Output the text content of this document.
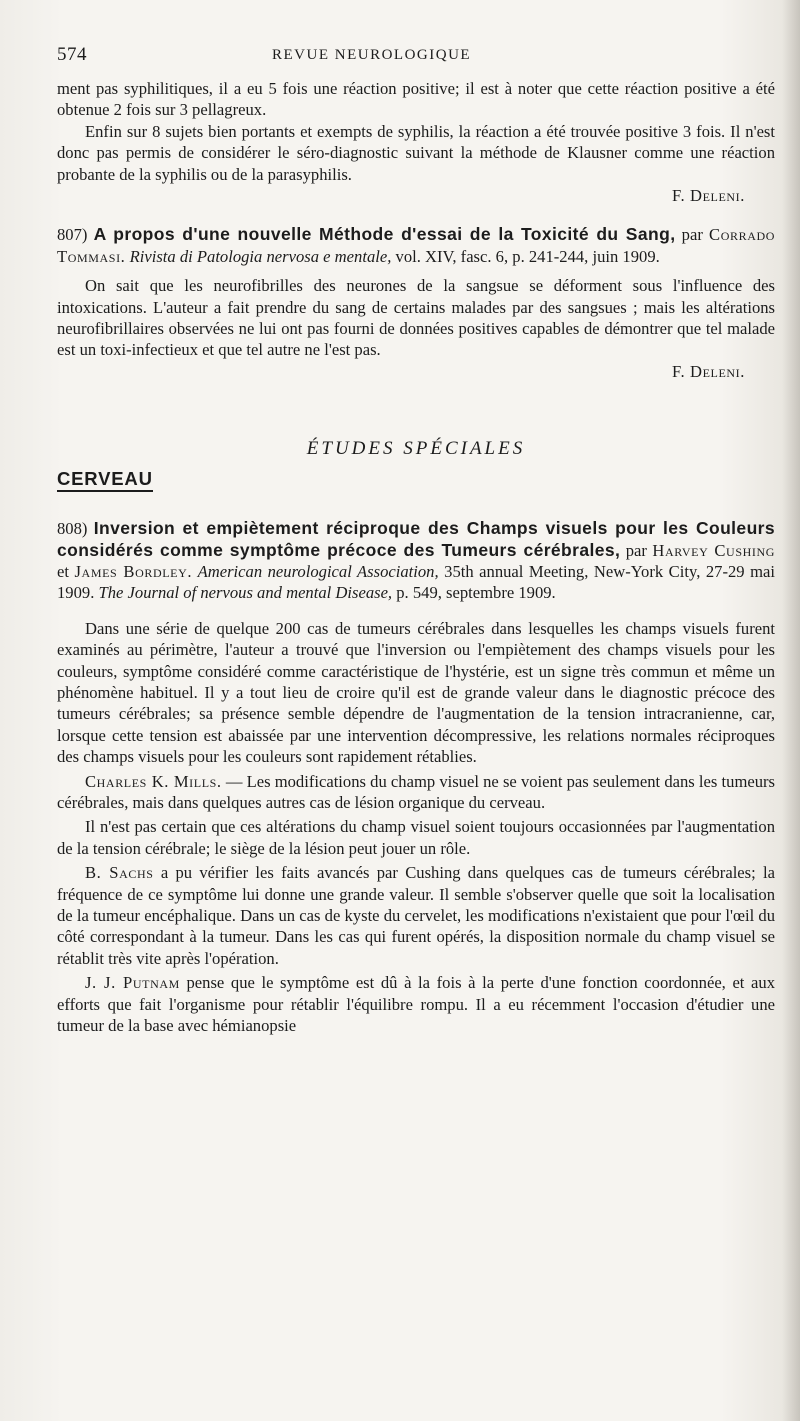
574	REVUE NEUROLOGIQUE

ment pas syphilitiques, il a eu 5 fois une réaction positive; il est à noter que cette réaction positive a été obtenue 2 fois sur 3 pellagreux.

Enfin sur 8 sujets bien portants et exempts de syphilis, la réaction a été trouvée positive 3 fois. Il n'est donc pas permis de considérer le séro-diagnostic suivant la méthode de Klausner comme une réaction probante de la syphilis ou de la parasyphilis.

F. Deleni.

807) A propos d'une nouvelle Méthode d'essai de la Toxicité du Sang, par Corrado Tommasi. Rivista di Patologia nervosa e mentale, vol. XIV, fasc. 6, p. 241-244, juin 1909.

On sait que les neurofibrilles des neurones de la sangsue se déforment sous l'influence des intoxications. L'auteur a fait prendre du sang de certains malades par des sangsues ; mais les altérations neurofibrillaires observées ne lui ont pas fourni de données positives capables de démontrer que tel malade est un toxi-infectieux et que tel autre ne l'est pas.

F. Deleni.

ÉTUDES SPÉCIALES

CERVEAU

808) Inversion et empiètement réciproque des Champs visuels pour les Couleurs considérés comme symptôme précoce des Tumeurs cérébrales, par Harvey Cushing et James Bordley. American neurological Association, 35th annual Meeting, New-York City, 27-29 mai 1909. The Journal of nervous and mental Disease, p. 549, septembre 1909.

Dans une série de quelque 200 cas de tumeurs cérébrales dans lesquelles les champs visuels furent examinés au périmètre, l'auteur a trouvé que l'inversion ou l'empiètement des champs visuels pour les couleurs, symptôme considéré comme caractéristique de l'hystérie, est un signe très commun et même un phénomène habituel. Il y a tout lieu de croire qu'il est de grande valeur dans le diagnostic précoce des tumeurs cérébrales; sa présence semble dépendre de l'augmentation de la tension intracranienne, car, lorsque cette tension est abaissée par une intervention décompressive, les relations normales réciproques des champs visuels pour les couleurs sont rapidement rétablies.

Charles K. Mills. — Les modifications du champ visuel ne se voient pas seulement dans les tumeurs cérébrales, mais dans quelques autres cas de lésion organique du cerveau.

Il n'est pas certain que ces altérations du champ visuel soient toujours occasionnées par l'augmentation de la tension cérébrale; le siège de la lésion peut jouer un rôle.

B. Sachs a pu vérifier les faits avancés par Cushing dans quelques cas de tumeurs cérébrales; la fréquence de ce symptôme lui donne une grande valeur. Il semble s'observer quelle que soit la localisation de la tumeur encéphalique. Dans un cas de kyste du cervelet, les modifications n'existaient que pour l'œil du côté correspondant à la tumeur. Dans les cas qui furent opérés, la disposition normale du champ visuel se rétablit très vite après l'opération.

J. J. Putnam pense que le symptôme est dû à la fois à la perte d'une fonction coordonnée, et aux efforts que fait l'organisme pour rétablir l'équilibre rompu. Il a eu récemment l'occasion d'étudier une tumeur de la base avec hémianopsie
